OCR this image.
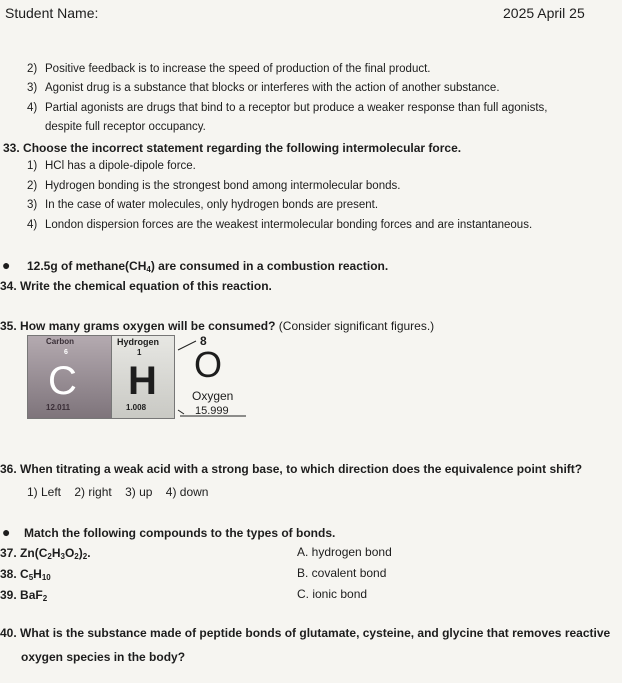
Student Name:	2025 April 25
2) Positive feedback is to increase the speed of production of the final product.
3) Agonist drug is a substance that blocks or interferes with the action of another substance.
4) Partial agonists are drugs that bind to a receptor but produce a weaker response than full agonists,
despite full receptor occupancy.
33. Choose the incorrect statement regarding the following intermolecular force.
1) HCl has a dipole-dipole force.
2) Hydrogen bonding is the strongest bond among intermolecular bonds.
3) In the case of water molecules, only hydrogen bonds are present.
4) London dispersion forces are the weakest intermolecular bonding forces and are instantaneous.
● 12.5g of $methane(CH_4)$ are consumed in a combustion reaction.
34. Write the chemical equation of this reaction.
35. How many grams oxygen will be consumed? (Consider significant figures.)
Carbon
6
C
12.011
Hydrogen
1
H
1.008
8
O
Oxygen
15.999
36. When titrating a weak acid with a strong base, to which direction does the equivalence point shift?
1) Left 2) right 3) up 4) down
● Match the following compounds to the types of bonds.
37. $Zn(C_2H_3O_2)_2$.
38. $C_5H_{10}$
39. BaF$_2$
A. hydrogen bond
B. covalent bond
C. ionic bond
40. What is the substance made of peptide bonds of glutamate, cysteine, and glycine that removes reactive
oxygen species in the body?
